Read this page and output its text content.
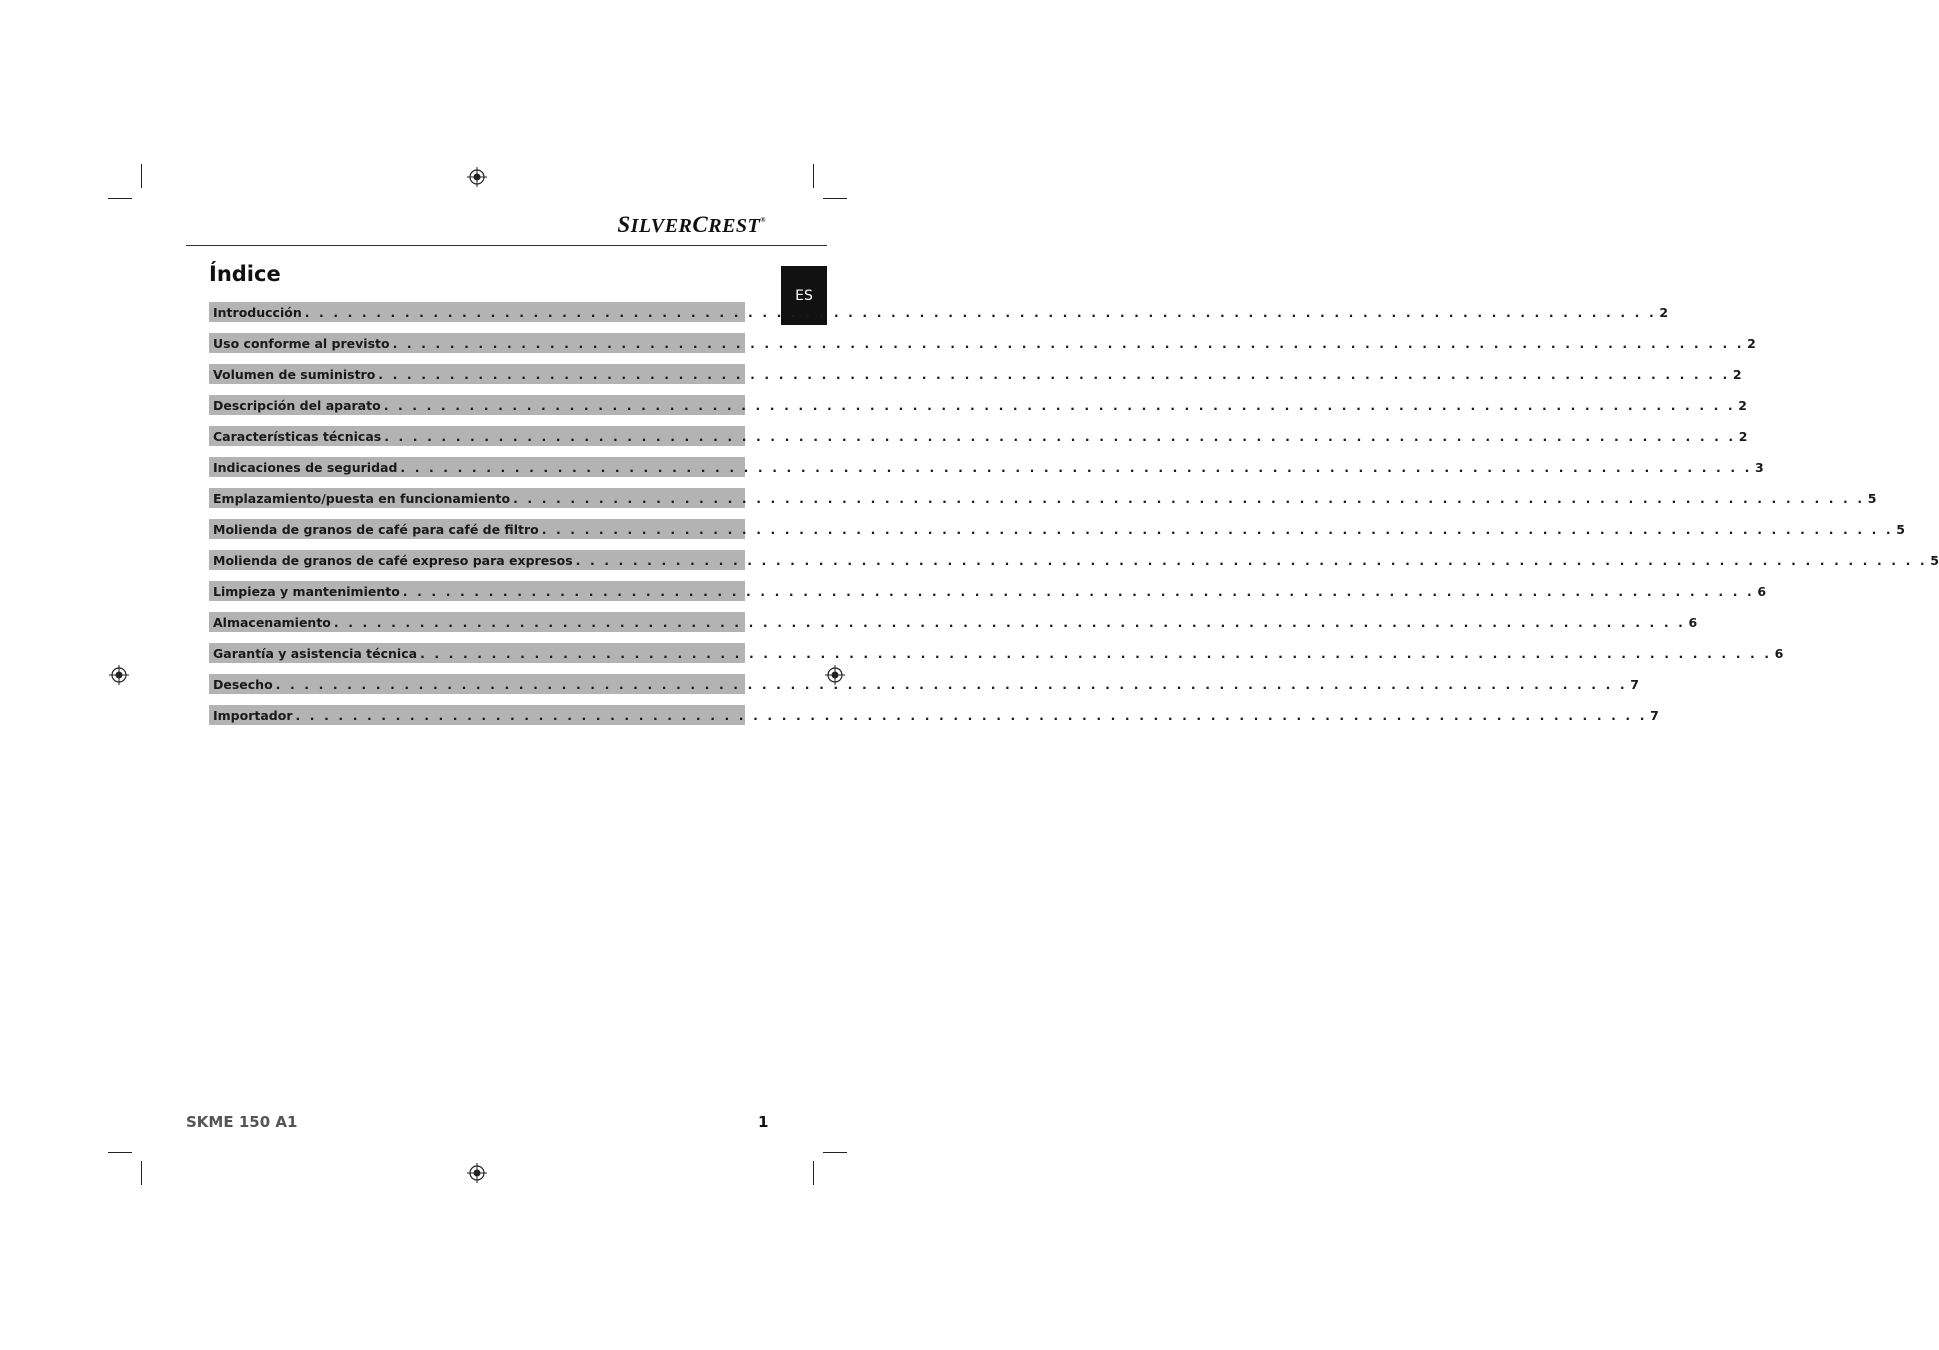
SILVERCREST®
ES
Índice
Introducción . . . . . . . . . . . . . . . . . . . . . . . . . . . . . . . . . . . . . . . . . . . . . . . . . . . . . . . . . . . . . . . . . . . . . . . . . . . . . . . . . . . . . . . . . . . . . . . 2
Uso conforme al previsto . . . . . . . . . . . . . . . . . . . . . . . . . . . . . . . . . . . . . . . . . . . . . . . . . . . . . . . . . . . . . . . . . . . . . . . . . . . . . . . . . . . . . . . . . . . . . . . 2
Volumen de suministro . . . . . . . . . . . . . . . . . . . . . . . . . . . . . . . . . . . . . . . . . . . . . . . . . . . . . . . . . . . . . . . . . . . . . . . . . . . . . . . . . . . . . . . . . . . . . . . 2
Descripción del aparato . . . . . . . . . . . . . . . . . . . . . . . . . . . . . . . . . . . . . . . . . . . . . . . . . . . . . . . . . . . . . . . . . . . . . . . . . . . . . . . . . . . . . . . . . . . . . . . 2
Características técnicas . . . . . . . . . . . . . . . . . . . . . . . . . . . . . . . . . . . . . . . . . . . . . . . . . . . . . . . . . . . . . . . . . . . . . . . . . . . . . . . . . . . . . . . . . . . . . . . 2
Indicaciones de seguridad . . . . . . . . . . . . . . . . . . . . . . . . . . . . . . . . . . . . . . . . . . . . . . . . . . . . . . . . . . . . . . . . . . . . . . . . . . . . . . . . . . . . . . . . . . . . . . . 3
Emplazamiento/puesta en funcionamiento . . . . . . . . . . . . . . . . . . . . . . . . . . . . . . . . . . . . . . . . . . . . . . . . . . . . . . . . . . . . . . . . . . . . . . . . . . . . . . . . . . . . . . . . . . . . . . . 5
Molienda de granos de café para café de filtro . . . . . . . . . . . . . . . . . . . . . . . . . . . . . . . . . . . . . . . . . . . . . . . . . . . . . . . . . . . . . . . . . . . . . . . . . . . . . . . . . . . . . . . . . . . . . . . 5
Molienda de granos de café expreso para expresos . . . . . . . . . . . . . . . . . . . . . . . . . . . . . . . . . . . . . . . . . . . . . . . . . . . . . . . . . . . . . . . . . . . . . . . . . . . . . . . . . . . . . . . . . . . . . . . 5
Limpieza y mantenimiento . . . . . . . . . . . . . . . . . . . . . . . . . . . . . . . . . . . . . . . . . . . . . . . . . . . . . . . . . . . . . . . . . . . . . . . . . . . . . . . . . . . . . . . . . . . . . . . 6
Almacenamiento . . . . . . . . . . . . . . . . . . . . . . . . . . . . . . . . . . . . . . . . . . . . . . . . . . . . . . . . . . . . . . . . . . . . . . . . . . . . . . . . . . . . . . . . . . . . . . . 6
Garantía y asistencia técnica . . . . . . . . . . . . . . . . . . . . . . . . . . . . . . . . . . . . . . . . . . . . . . . . . . . . . . . . . . . . . . . . . . . . . . . . . . . . . . . . . . . . . . . . . . . . . . . 6
Desecho . . . . . . . . . . . . . . . . . . . . . . . . . . . . . . . . . . . . . . . . . . . . . . . . . . . . . . . . . . . . . . . . . . . . . . . . . . . . . . . . . . . . . . . . . . . . . . . 7
Importador . . . . . . . . . . . . . . . . . . . . . . . . . . . . . . . . . . . . . . . . . . . . . . . . . . . . . . . . . . . . . . . . . . . . . . . . . . . . . . . . . . . . . . . . . . . . . . . 7
SKME 150 A1	1
